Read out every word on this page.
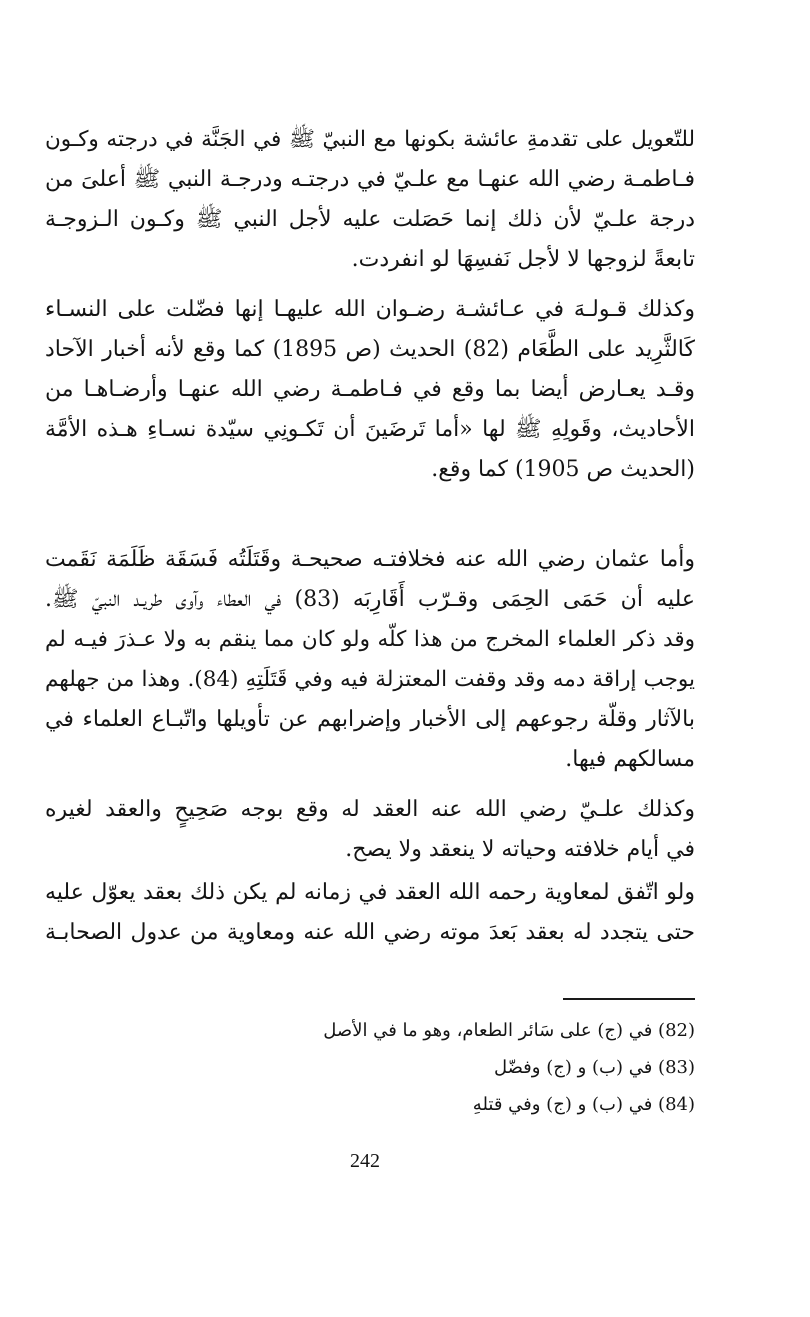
للتّعويل على تقدمةِ عائشة بكونها مع النبيّ ﷺ في الجَنَّة في درجته وكـون
فـاطمـة رضي الله عنهـا مع علـيّ في درجتـه ودرجـة النبي ﷺ أعلىَ من
درجة علـيّ لأن ذلك إنما حَصَلت عليه لأجل النبي ﷺ وكـون الـزوجـة
تابعةً لزوجها لا لأجل نَفسِهَا لو انفردت.
وكذلك قـولـهَ في عـائشـة رضـوان الله عليهـا إنها فضّلت على النسـاء
كَالثَّرِيد على الطَّعَام (82) الحديث (ص 1895) كما وقع لأنه أخبار الآحاد
وقـد يعـارض أيضا بما وقع في فـاطمـة رضي الله عنهـا وأرضـاهـا من
الأحاديث، وقَولِهِ ﷺ لها «أما تَرضَينَ أن تَكـونِي سيّدة نسـاءِ هـذه الأمَّة
(الحديث ص 1905) كما وقع.
وأما عثمان رضي الله عنه فخلافتـه صحيحـة وقَتَلَتُه فَسَقَة ظَلَمَة نَقَمت
عليه أن حَمَى الحِمَى وقـرّب أَقَارِبَه (83) في العطاء وآوى طريـد النبيّ ﷺ.
وقد ذكر العلماء المخرج من هذا كلّه ولو كان مما ينقم به ولا عـذرَ فيـه لم
يوجب إراقة دمه وقد وقفت المعتزلة فيه وفي قَتَلَتِهِ (84). وهذا من جهلهم
بالآثار وقلّة رجوعهم إلى الأخبار وإضرابهم عن تأويلها واتّبـاع العلماء في
مسالكهم فيها.
وكذلك علـيّ رضي الله عنه العقد له وقع بوجه صَحِيحٍ والعقد لغيره
في أيام خلافته وحياته لا ينعقد ولا يصح.
ولو اتّفق لمعاوية رحمه الله العقد في زمانه لم يكن ذلك بعقد يعوّل عليه
حتى يتجدد له بعقد بَعدَ موته رضي الله عنه ومعاوية من عدول الصحابـة
(82) في (ج) على سَائر الطعام، وهو ما في الأصل
(83) في (ب) و (ج) وفضّل
(84) في (ب) و (ج) وفي قتلهِ
242
